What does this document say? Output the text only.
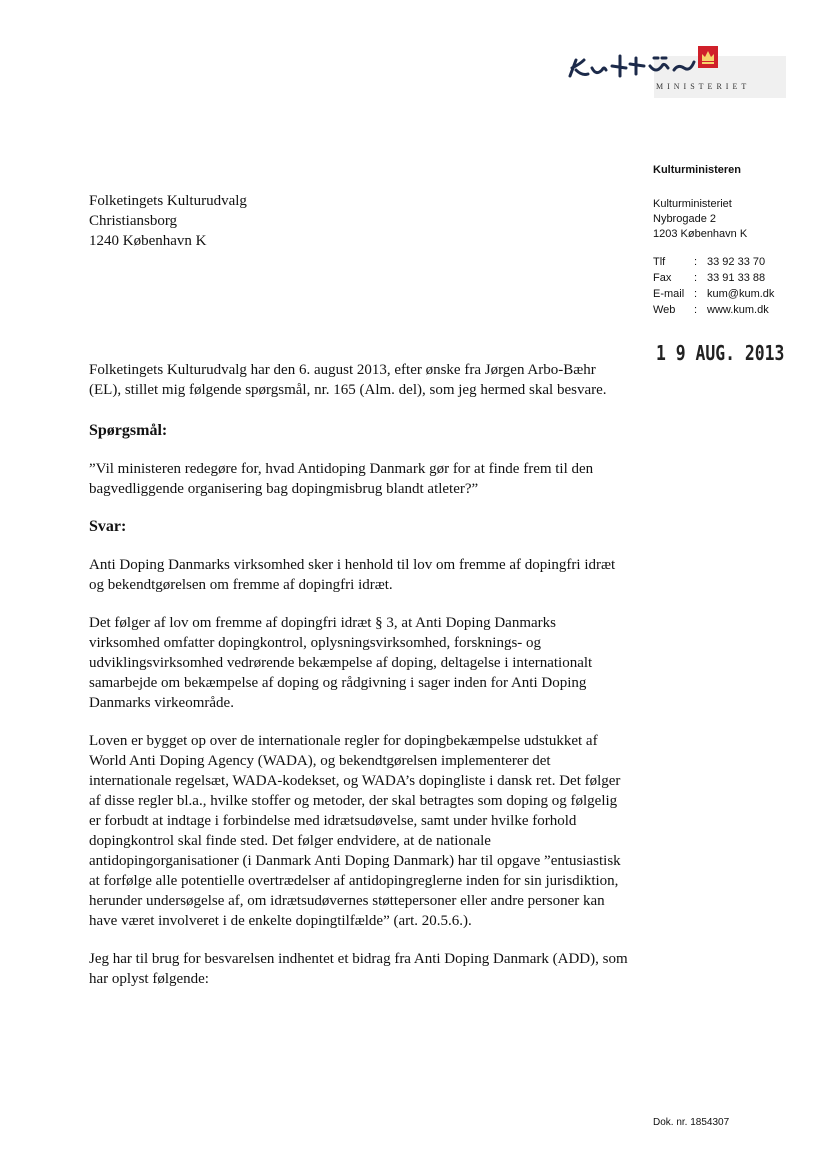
MINISTERIET
Kulturministeren
Kulturministeriet
Nybrogade 2
1203 København K
Tlf	: 33 92 33 70
Fax	: 33 91 33 88
E-mail : kum@kum.dk
Web	: www.kum.dk
1 9 AUG. 2013
Folketingets Kulturudvalg
Christiansborg
1240 København K

Folketingets Kulturudvalg har den 6. august 2013, efter ønske fra Jørgen Arbo-Bæhr (EL), stillet mig følgende spørgsmål, nr. 165 (Alm. del), som jeg hermed skal besvare.

Spørgsmål:

”Vil ministeren redegøre for, hvad Antidoping Danmark gør for at finde frem til den bagvedliggende organisering bag dopingmisbrug blandt atleter?”

Svar:

Anti Doping Danmarks virksomhed sker i henhold til lov om fremme af dopingfri idræt og bekendtgørelsen om fremme af dopingfri idræt.

Det følger af lov om fremme af dopingfri idræt § 3, at Anti Doping Danmarks virksomhed omfatter dopingkontrol, oplysningsvirksomhed, forsknings- og udviklingsvirksomhed vedrørende bekæmpelse af doping, deltagelse i internationalt samarbejde om bekæmpelse af doping og rådgivning i sager inden for Anti Doping Danmarks virkeområde.

Loven er bygget op over de internationale regler for dopingbekæmpelse udstukket af World Anti Doping Agency (WADA), og bekendtgørelsen implementerer det internationale regelsæt, WADA-kodekset, og WADA’s dopingliste i dansk ret. Det følger af disse regler bl.a., hvilke stoffer og metoder, der skal betragtes som doping og følgelig er forbudt at indtage i forbindelse med idrætsudøvelse, samt under hvilke forhold dopingkontrol skal finde sted. Det følger endvidere, at de nationale antidopingorganisationer (i Danmark Anti Doping Danmark) har til opgave ”entusiastisk at forfølge alle potentielle overtrædelser af antidopingreglerne inden for sin jurisdiktion, herunder undersøgelse af, om idrætsudøvernes støttepersoner eller andre personer kan have været involveret i de enkelte dopingtilfælde” (art. 20.5.6.).

Jeg har til brug for besvarelsen indhentet et bidrag fra Anti Doping Danmark (ADD), som har oplyst følgende:

Dok. nr. 1854307
